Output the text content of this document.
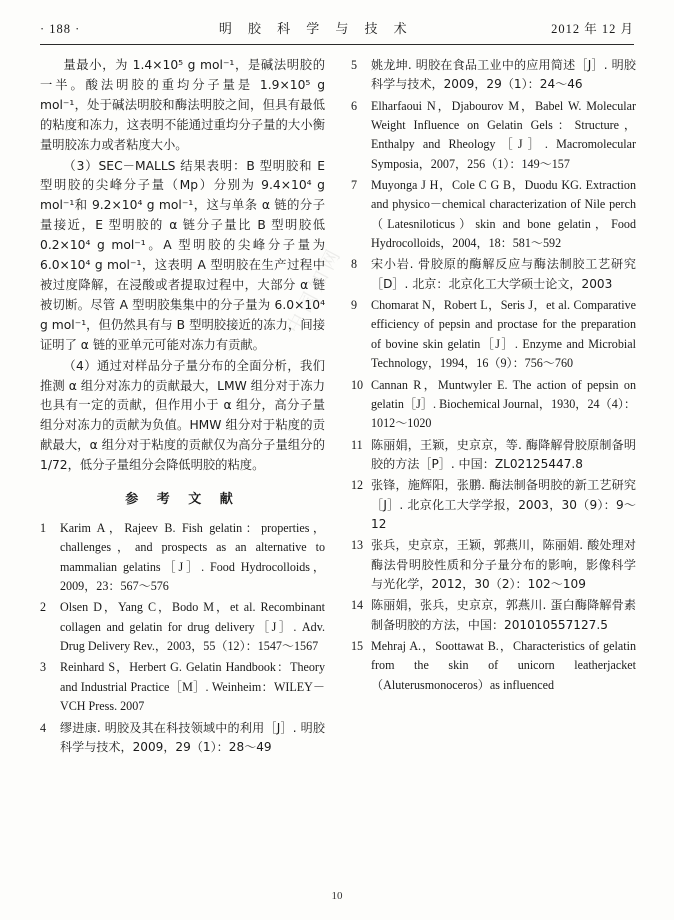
中国知网
· 188 ·	明 胶 科 学 与 技 术	2012 年 12 月

量最小，为 1.4×10⁵ g mol⁻¹，是碱法明胶的一半。酸法明胶的重均分子量是 1.9×10⁵ g mol⁻¹，处于碱法明胶和酶法明胶之间，但具有最低的粘度和冻力，这表明不能通过重均分子量的大小衡量明胶冻力或者粘度大小。

（3）SEC－MALLS 结果表明：B 型明胶和 E 型明胶的尖峰分子量（Mp）分别为 9.4×10⁴ g mol⁻¹和 9.2×10⁴ g mol⁻¹，这与单条 α 链的分子量接近，E 型明胶的 α 链分子量比 B 型明胶低 0.2×10⁴ g mol⁻¹。A 型明胶的尖峰分子量为 6.0×10⁴ g mol⁻¹，这表明 A 型明胶在生产过程中被过度降解，在浸酸或者提取过程中，大部分 α 链被切断。尽管 A 型明胶集集中的分子量为 6.0×10⁴ g mol⁻¹，但仍然具有与 B 型明胶接近的冻力，间接证明了 α 链的亚单元可能对冻力有贡献。

（4）通过对样品分子量分布的全面分析，我们推测 α 组分对冻力的贡献最大，LMW 组分对于冻力也具有一定的贡献，但作用小于 α 组分，高分子量组分对冻力的贡献为负值。HMW 组分对于粘度的贡献最大，α 组分对于粘度的贡献仅为高分子量组分的 1/72，低分子量组分会降低明胶的粘度。

参 考 文 献
1	Karim A，Rajeev B. Fish gelatin：properties，challenges，and prospects as an alternative to mammalian gelatins［J］. Food Hydrocolloids，2009，23：567～576
2	Olsen D，Yang C，Bodo M，et al. Recombinant collagen and gelatin for drug delivery［J］. Adv. Drug Delivery Rev.，2003，55（12）：1547～1567
3	Reinhard S，Herbert G. Gelatin Handbook：Theory and Industrial Practice［M］. Weinheim：WILEY－VCH Press. 2007
4	缪进康. 明胶及其在科技领域中的利用［J］. 明胶科学与技术，2009，29（1）：28～49
5	姚龙坤. 明胶在食品工业中的应用简述［J］. 明胶科学与技术，2009，29（1）：24～46
6	Elharfaoui N，Djabourov M，Babel W. Molecular Weight Influence on Gelatin Gels：Structure，Enthalpy and Rheology［J］. Macromolecular Symposia，2007，256（1）：149～157
7	Muyonga J H，Cole C G B，Duodu KG. Extraction and physico－chemical characterization of Nile perch（Latesniloticus）skin and bone gelatin，Food Hydrocolloids，2004，18：581～592
8	宋小岩. 骨胶原的酶解反应与酶法制胶工艺研究［D］. 北京：北京化工大学硕士论文，2003
9	Chomarat N，Robert L，Seris J，et al. Comparative efficiency of pepsin and proctase for the preparation of bovine skin gelatin［J］. Enzyme and Microbial Technology，1994，16（9）：756～760
10 Cannan R，Muntwyler E. The action of pepsin on gelatin［J］. Biochemical Journal，1930，24（4）：1012～1020
11 陈丽娟，王颖，史京京，等. 酶降解骨胶原制备明胶的方法［P］. 中国：ZL02125447.8
12 张锋，施辉阳，张鹏. 酶法制备明胶的新工艺研究［J］. 北京化工大学学报，2003，30（9）：9～12
13 张兵，史京京，王颖，郭燕川，陈丽娟. 酸处理对酶法骨明胶性质和分子量分布的影响，影像科学与光化学，2012，30（2）：102～109
14 陈丽娟，张兵，史京京，郭燕川. 蛋白酶降解骨素制备明胶的方法，中国：201010557127.5
15 Mehraj A.，Soottawat B.，Characteristics of gelatin from the skin of unicorn leatherjacket（Aluterusmonoceros）as influenced
10
